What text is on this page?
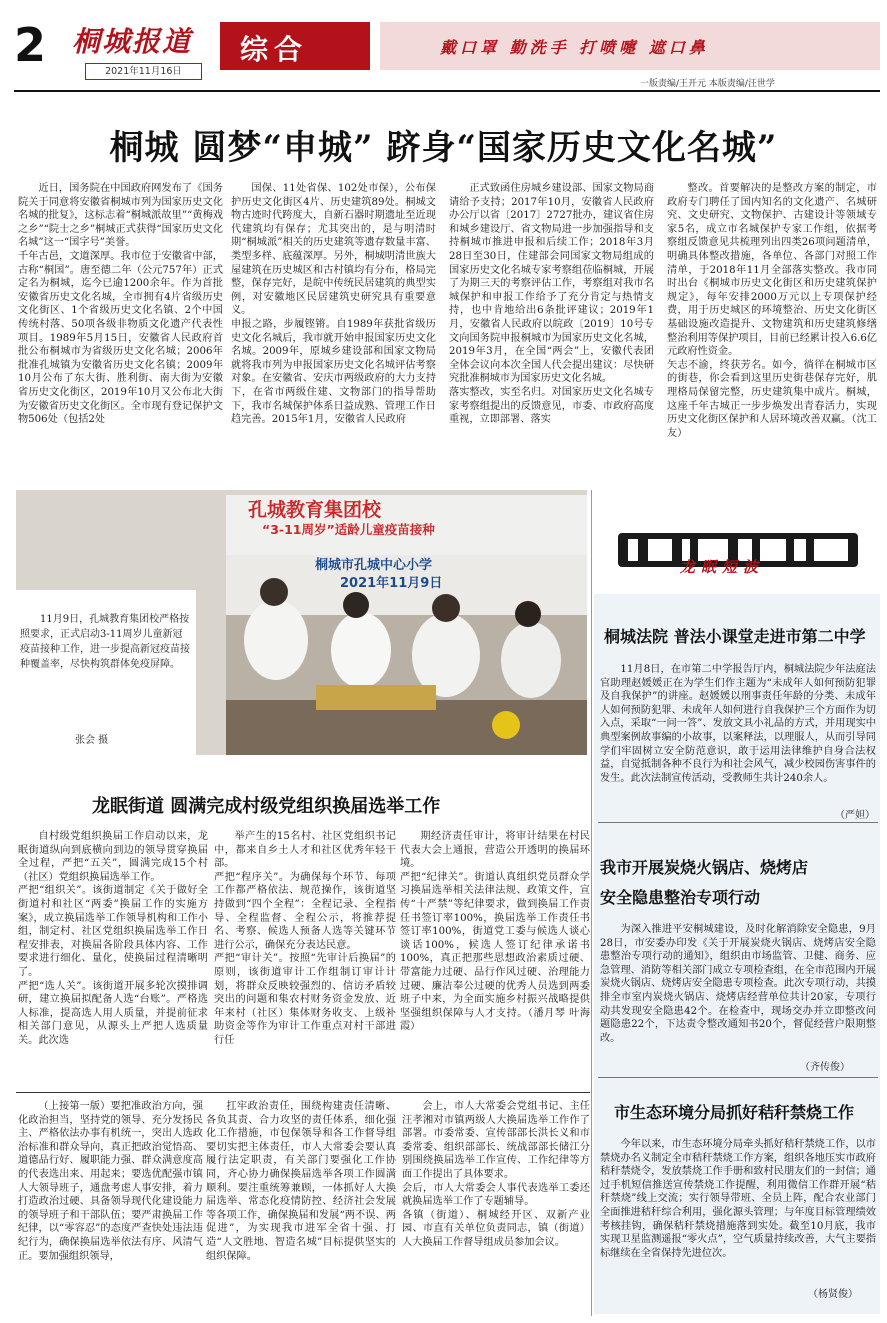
2 桐城报道
2021年11月16日
综合	戴口罩 勤洗手 打喷嚏 遮口鼻
一版责编/王开元 本版责编/汪世学
桐城 圆梦“申城” 跻身“国家历史文化名城”
近日，国务院在中国政府网发布了《国务院关于同意将安徽省桐城市列为国家历史文化名城的批复》，这标志着“桐城派故里”“黄梅戏之乡”“院士之乡”桐城正式获得“国家历史文化名城”这一“国字号”美誉。
千年古邑，文道深厚。我市位于安徽省中部，古称“桐国”。唐至德二年（公元757年）正式定名为桐城，迄今已逾1200余年。作为首批安徽省历史文化名城，全市拥有4片省级历史文化街区、1个省级历史文化名镇、2个中国传统村落、50项各级非物质文化遗产代表性项目。1989年5月15日，安徽省人民政府首批公布桐城市为省级历史文化名城；2006年批准孔城镇为安徽省历史文化名镇；2009年10月公布了东大街、胜利街、南大街为安徽省历史文化街区，2019年10月又公布北大街为安徽省历史文化街区。全市现有登记保护文物506处（包括2处
国保、11处省保、102处市保），公布保护历史文化街区4片、历史建筑89处。桐城文物古迹时代跨度大，自新石器时期遗址至近现代建筑均有保存；尤其突出的，是与明清时期“桐城派”相关的历史建筑等遗存数量丰富、类型多样、底蕴深厚。另外，桐城明清世族大屋建筑在历史城区和古村镇均有分布，格局完整，保存完好，是皖中传统民居建筑的典型实例，对安徽地区民居建筑史研究具有重要意义。
申报之路，步履铿锵。自1989年获批省级历史文化名城后，我市就开始申报国家历史文化名城。2009年，原城乡建设部和国家文物局就将我市列为申报国家历史文化名城评估考察对象。在安徽省、安庆市两级政府的大力支持下，在省市两级住建、文物部门的指导帮助下，我市名城保护体系日益成熟、管理工作日趋完善。2015年1月，安徽省人民政府
正式致函住房城乡建设部、国家文物局商请给予支持；2017年10月，安徽省人民政府办公厅以省〔2017〕2727批办，建议省住房和城乡建设厅、省文物局进一步加强指导和支持桐城市推进申报和后续工作；2018年3月28日至30日，住建部会同国家文物局组成的国家历史文化名城专家考察组莅临桐城，开展了为期三天的考察评估工作，考察组对我市名城保护和申报工作给予了充分肯定与热情支持，也中肯地给出6条批评建议；2019年1月，安徽省人民政府以皖政〔2019〕10号专文向国务院申报桐城市为国家历史文化名城，2019年3月，在全国“两会”上，安徽代表团全体会议向本次全国人代会提出建议：尽快研究批准桐城市为国家历史文化名城。
落实整改，实至名归。对国家历史文化名城专家考察组提出的反馈意见，市委、市政府高度重视，立即部署、落实
整改。首要解决的是整改方案的制定，市政府专门聘任了国内知名的文化遗产、名城研究、文史研究、文物保护、古建设计等领域专家5名，成立市名城保护专家工作组，依据考察组反馈意见共梳理列出四类26项问题清单，明确具体整改措施，各单位、各部门对照工作清单，于2018年11月全部落实整改。我市同时出台《桐城市历史文化街区和历史建筑保护规定》，每年安排2000万元以上专项保护经费，用于历史城区的环境整治、历史文化街区基础设施改造提升、文物建筑和历史建筑修缮整治利用等保护项目，目前已经累计投入6.6亿元政府性资金。
矢志不渝，终获芳名。如今，徜徉在桐城市区的街巷，你会看到这里历史街巷保存完好，肌理格局保留完整，历史建筑集中成片。桐城，这座千年古城正一步步焕发出青春活力，实现历史文化街区保护和人居环境改善双赢。（沈工友）
孔城教育集团校
“3-11周岁”适龄儿童疫苗接种
桐城市孔城中心小学
2021年11月9日

11月9日，孔城教育集团校严格按照要求，正式启动3-11周岁儿童新冠疫苗接种工作，进一步提高新冠疫苗接种覆盖率，尽快构筑群体免疫屏障。

张会 摄
龙眠街道 圆满完成村级党组织换届选举工作
自村级党组织换届工作启动以来，龙眠街道纵向到底横向到边的领导贯穿换届全过程，严把“五关”，圆满完成15个村（社区）党组织换届选举工作。
严把“组织关”。该街道制定《关于做好全街道村和社区“两委”换届工作的实施方案》，成立换届选举工作领导机构和工作小组，制定村、社区党组织换届选举工作日程安排表，对换届各阶段具体内容、工作要求进行细化、量化，使换届过程清晰明了。
严把“选人关”。该街道开展多轮次摸排调研，建立换届拟配备人选“台账”。严格选人标准，提高选人用人质量，并提前征求相关部门意见，从源头上严把人选质量关。此次选
举产生的15名村、社区党组织书记中，都来自乡土人才和社区优秀年轻干部。
严把“程序关”。为确保每个环节、每项工作都严格依法、规范操作，该街道坚持做到“四个全程”：全程记录、全程指导、全程监督、全程公示，将推荐提名、考察、候选人预备人选等关键环节进行公示，确保充分表达民意。
严把“审计关”。按照“先审计后换届”的原则，该街道审计工作组制订审计计划，将群众反映较强烈的、信访矛盾较突出的问题和集农村财务资金发放、近年来村（社区）集体财务收支、上级补助资金等作为审计工作重点对村干部进行任
期经济责任审计，将审计结果在村民代表大会上通报，营造公开透明的换届环境。
严把“纪律关”。街道认真组织党员群众学习换届选举相关法律法规、政策文件，宣传“十严禁”等纪律要求，做到换届工作责任书签订率100%，换届选举工作责任书签订率100%，街道党工委与候选人谈心谈话100%，候选人签订纪律承诺书100%，真正把那些思想政治素质过硬、带富能力过硬、品行作风过硬、治理能力过硬、廉洁奉公过硬的优秀人员选到两委班子中来，为全面实施乡村振兴战略提供坚强组织保障与人才支持。（潘月琴 叶海霞）
（上接第一版）要把准政治方向，强化政治担当，坚持党的领导、充分发扬民主、严格依法办事有机统一，突出人选政治标准和群众导向，真正把政治觉悟高、道德品行好、履职能力强、群众满意度高的代表选出来、用起来；要选优配强市镇人大领导班子，通盘考虑人事安排，着力打造政治过硬、具备领导现代化建设能力的领导班子和干部队伍；要严肃换届工作纪律，以“零容忍”的态度严查快处违法违纪行为，确保换届选举依法有序、风清气正。要加强组织领导，
扛牢政治责任，围绕构建责任清晰、各负其责、合力攻坚的责任体系，细化强化工作措施，市包保领导和各工作督导组要切实把主体责任，市人大常委会要认真履行法定职责，有关部门要强化工作协同，齐心协力确保换届选举各项工作圆满顺利。要注重统筹兼顾，一体抓好人大换届选举、常态化疫情防控、经济社会发展等各项工作，确保换届和发展“两不误、两促进”，为实现我市进军全省十强、打造“人文胜地、智造名城”目标提供坚实的组织保障。
会上，市人大常委会党组书记、主任汪孝湘对市镇两级人大换届选举工作作了部署。市委常委、宣传部部长洪长义和市委常委、组织部部长、统战部部长储江分别围绕换届选举工作宣传、工作纪律等方面工作提出了具体要求。
会后，市人大常委会人事代表选举工委还就换届选举工作了专题辅导。
各镇（街道）、桐城经开区、双新产业园、市直有关单位负责同志，镇（街道）人大换届工作督导组成员参加会议。
龙眠短波
桐城法院 普法小课堂走进市第二中学
11月8日，在市第二中学报告厅内，桐城法院少年法庭法官助理赵媛媛正在为学生们作主题为“未成年人如何预防犯罪及自我保护”的讲座。赵媛媛以刑事责任年龄的分类、未成年人如何预防犯罪、未成年人如何进行自我保护三个方面作为切入点，采取“一问一答”、发放文具小礼品的方式，并用现实中典型案例故事编的小故事，以案释法，以理服人，从而引导同学们牢固树立安全防范意识，敢于运用法律维护自身合法权益，自觉抵制各种不良行为和社会风气，减少校园伤害事件的发生。此次法制宣传活动，受教师生共计240余人。
（严妲）
我市开展炭烧火锅店、烧烤店
安全隐患整治专项行动
为深入推进平安桐城建设，及时化解消除安全隐患，9月28日，市安委办印发《关于开展炭烧火锅店、烧烤店安全隐患整治专项行动的通知》，组织由市场监管、卫健、商务、应急管理、消防等相关部门成立专项检查组，在全市范围内开展炭烧火锅店、烧烤店安全隐患专项检查。此次专项行动，共摸排全市室内炭烧火锅店、烧烤店经营单位共计20家，专项行动共发现安全隐患42个。在检查中，现场交办并立即整改问题隐患22个，下达责令整改通知书20个，督促经营户限期整改。
（齐传俊）
市生态环境分局抓好秸秆禁烧工作
今年以来，市生态环境分局牵头抓好秸秆禁烧工作，以市禁烧办名义制定全市秸秆禁烧工作方案，组织各地压实市政府秸秆禁烧令，发放禁烧工作手册和致村民朋友们的一封信；通过手机短信推送宣传禁烧工作提醒，利用微信工作群开展“秸秆禁烧”线上交流；实行领导带班、全员上阵，配合农业部门全面推进秸秆综合利用，强化源头管理；与年度目标管理绩效考核挂钩，确保秸秆禁烧措施落到实处。截至10月底，我市实现卫星监测遥报“零火点”，空气质量持续改善，大气主要指标继续在全省保持先进位次。
（杨贤俊）
